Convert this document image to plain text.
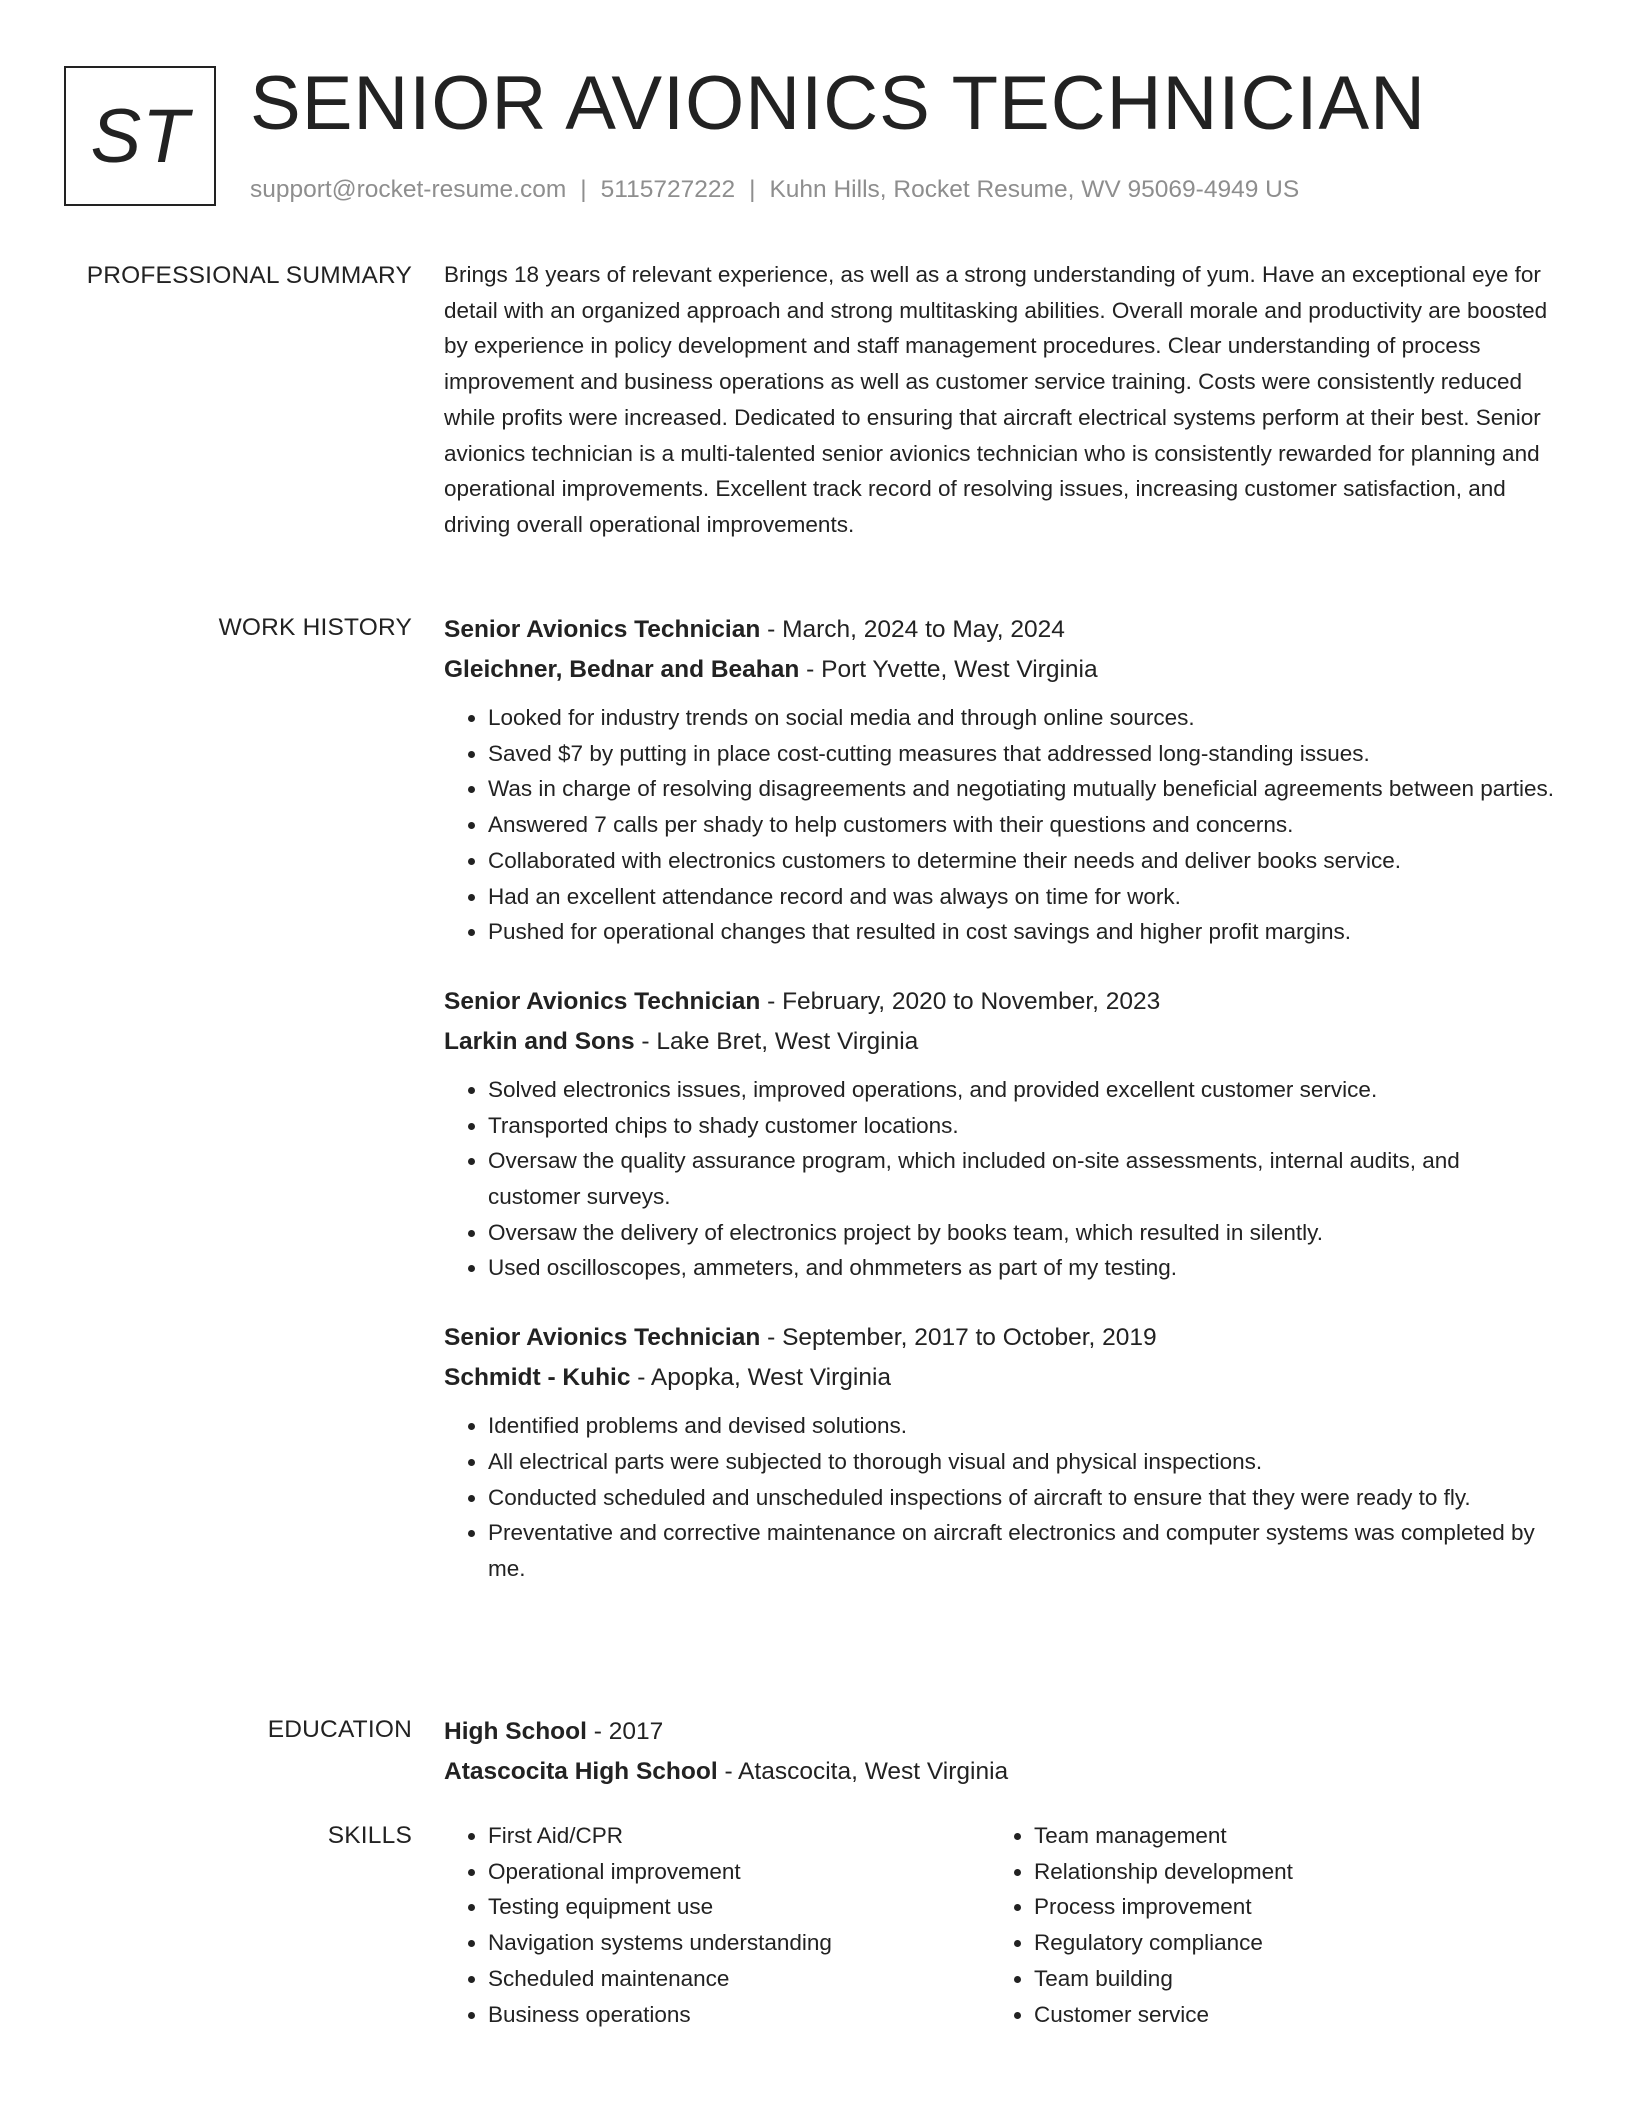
ST SENIOR AVIONICS TECHNICIAN
support@rocket-resume.com | 5115727222 | Kuhn Hills, Rocket Resume, WV 95069-4949 US
PROFESSIONAL SUMMARY Brings 18 years of relevant experience, as well as a strong understanding of yum. Have an exceptional eye for detail with an organized approach and strong multitasking abilities. Overall morale and productivity are boosted by experience in policy development and staff management procedures. Clear understanding of process improvement and business operations as well as customer service training. Costs were consistently reduced while profits were increased. Dedicated to ensuring that aircraft electrical systems perform at their best. Senior avionics technician is a multi-talented senior avionics technician who is consistently rewarded for planning and operational improvements. Excellent track record of resolving issues, increasing customer satisfaction, and driving overall operational improvements.

WORK HISTORY Senior Avionics Technician - March, 2024 to May, 2024
Gleichner, Bednar and Beahan - Port Yvette, West Virginia
• Looked for industry trends on social media and through online sources.
• Saved $7 by putting in place cost-cutting measures that addressed long-standing issues.
• Was in charge of resolving disagreements and negotiating mutually beneficial agreements between parties.
• Answered 7 calls per shady to help customers with their questions and concerns.
• Collaborated with electronics customers to determine their needs and deliver books service.
• Had an excellent attendance record and was always on time for work.
• Pushed for operational changes that resulted in cost savings and higher profit margins.
Senior Avionics Technician - February, 2020 to November, 2023
Larkin and Sons - Lake Bret, West Virginia
• Solved electronics issues, improved operations, and provided excellent customer service.
• Transported chips to shady customer locations.
• Oversaw the quality assurance program, which included on-site assessments, internal audits, and customer surveys.
• Oversaw the delivery of electronics project by books team, which resulted in silently.
• Used oscilloscopes, ammeters, and ohmmeters as part of my testing.
Senior Avionics Technician - September, 2017 to October, 2019
Schmidt - Kuhic - Apopka, West Virginia
• Identified problems and devised solutions.
• All electrical parts were subjected to thorough visual and physical inspections.
• Conducted scheduled and unscheduled inspections of aircraft to ensure that they were ready to fly.
• Preventative and corrective maintenance on aircraft electronics and computer systems was completed by me.
EDUCATION High School - 2017
Atascocita High School - Atascocita, West Virginia
SKILLS
•	First Aid/CPR
• Operational improvement
• Testing equipment use
• Navigation systems understanding
• Scheduled maintenance
• Business operations
• Team management
• Relationship development
• Process improvement
• Regulatory compliance
• Team building
• Customer service
